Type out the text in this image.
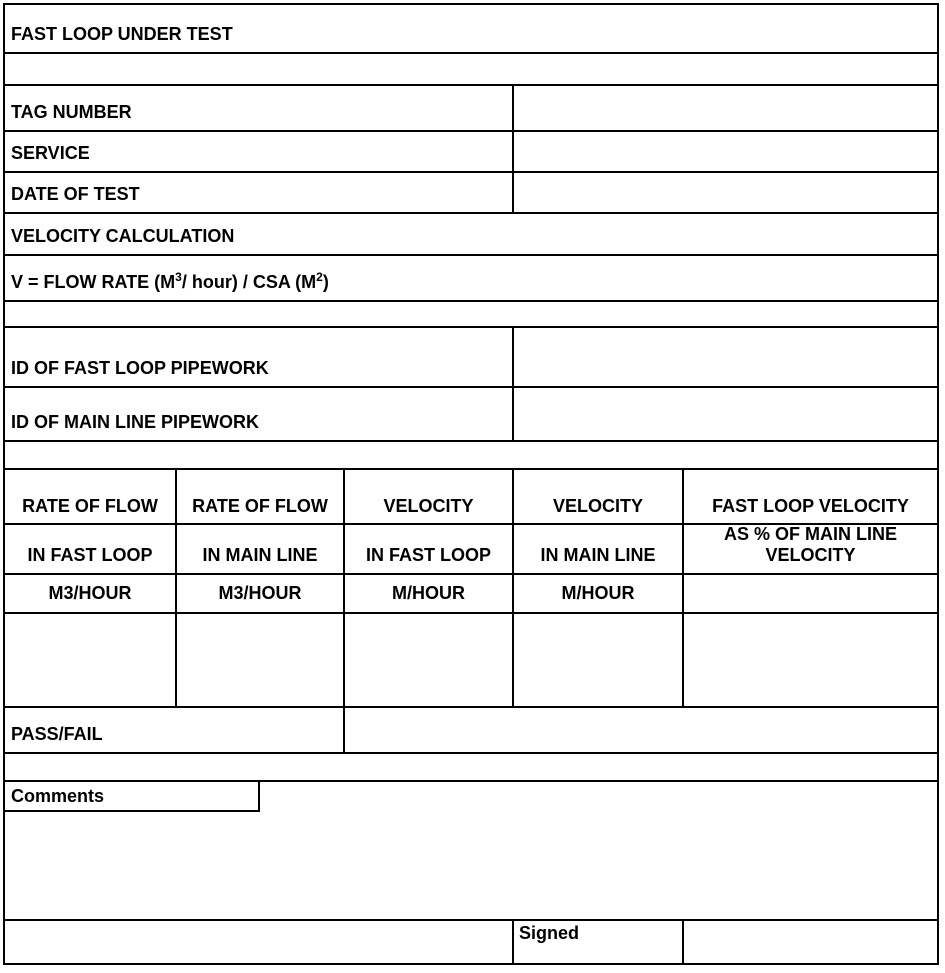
FAST LOOP UNDER TEST
TAG NUMBER
SERVICE
DATE OF TEST
VELOCITY CALCULATION
V = FLOW RATE ($M^3/$ hour) / CSA $(M^2)$
ID OF FAST LOOP PIPEWORK
ID OF MAIN LINE PIPEWORK
RATE OF FLOW
IN FAST LOOP
M3/HOUR
RATE OF FLOW
IN MAIN LINE
M3/HOUR
VELOCITY
IN FAST LOOP
M/HOUR
VELOCITY
IN MAIN LINE
M/HOUR
FAST LOOP VELOCITY
AS % OF MAIN LINE VELOCITY
PASS/FAIL
Comments
Signed
